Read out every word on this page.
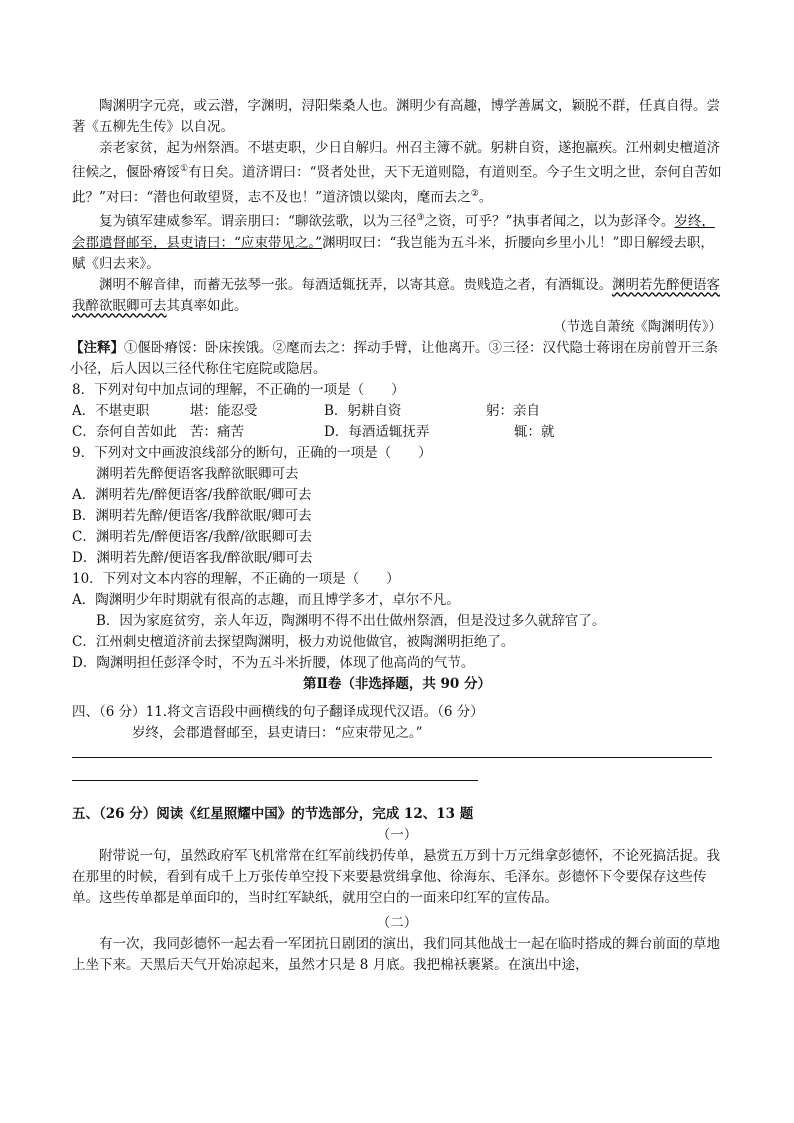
陶渊明字元亮，或云潜，字渊明，浔阳柴桑人也。渊明少有高趣，博学善属文，颖脱不群，任真自得。尝著《五柳先生传》以自况。

亲老家贫，起为州祭酒。不堪吏职，少日自解归。州召主簿不就。躬耕自资，遂抱羸疾。江州刺史檀道济往候之，偃卧瘠馁①有日矣。道济谓曰：“贤者处世，天下无道则隐，有道则至。今子生文明之世，奈何自苦如此？”对曰：“潜也何敢望贤，志不及也！”道济馈以粱肉，麾而去之②。

复为镇军建威参军。谓亲朋曰：“聊欲弦歌，以为三径③之资，可乎？”执事者闻之，以为彭泽令。岁终，会郡遣督邮至，县吏请曰：“应束带见之。”渊明叹曰：“我岂能为五斗米，折腰向乡里小儿！”即日解绶去职，赋《归去来》。

渊明不解音律，而蓄无弦琴一张。每酒适辄抚弄，以寄其意。贵贱造之者，有酒辄设。渊明若先醉便语客我醉欲眠卿可去其真率如此。

（节选自萧统《陶渊明传》）

【注释】①偃卧瘠馁：卧床挨饿。②麾而去之：挥动手臂，让他离开。③三径：汉代隐士蒋诩在房前曾开三条小径，后人因以三径代称住宅庭院或隐居。

8．下列对句中加点词的理解，不正确的一项是（　　）

A．不堪吏职	堪：能忍受	B．躬耕自资	躬：亲自
C．奈何自苦如此 苦：痛苦	D．每酒适辄抚弄	辄：就

9．下列对文中画波浪线部分的断句，正确的一项是（　　）

渊明若先醉便语客我醉欲眠卿可去

A．渊明若先/醉便语客/我醉欲眠/卿可去

B．渊明若先醉/便语客/我醉欲眠/卿可去

C．渊明若先/醉便语客/我醉/欲眠卿可去

D．渊明若先醉/便语客我/醉欲眠/卿可去

10．下列对文本内容的理解，不正确的一项是（　　）

A．陶渊明少年时期就有很高的志趣，而且博学多才，卓尔不凡。

B．因为家庭贫穷，亲人年迈，陶渊明不得不出仕做州祭酒，但是没过多久就辞官了。

C．江州刺史檀道济前去探望陶渊明，极力劝说他做官，被陶渊明拒绝了。

D．陶渊明担任彭泽令时，不为五斗米折腰，体现了他高尚的气节。

第Ⅱ卷（非选择题，共 90 分）

四、（6 分）11.将文言语段中画横线的句子翻译成现代汉语。（6 分）

岁终，会郡遣督邮至，县吏请曰：“应束带见之。”

五、（26 分）阅读《红星照耀中国》的节选部分，完成 12、13 题

（一）

附带说一句，虽然政府军飞机常常在红军前线扔传单，悬赏五万到十万元缉拿彭德怀，不论死搞活捉。我在那里的时候，看到有成千上万张传单空投下来要悬赏缉拿他、徐海东、毛泽东。彭德怀下令要保存这些传单。这些传单都是单面印的，当时红军缺纸，就用空白的一面来印红军的宣传品。

（二）

有一次，我同彭德怀一起去看一军团抗日剧团的演出，我们同其他战士一起在临时搭成的舞台前面的草地上坐下来。天黑后天气开始凉起来，虽然才只是 8 月底。我把棉袄裹紧。在演出中途，
